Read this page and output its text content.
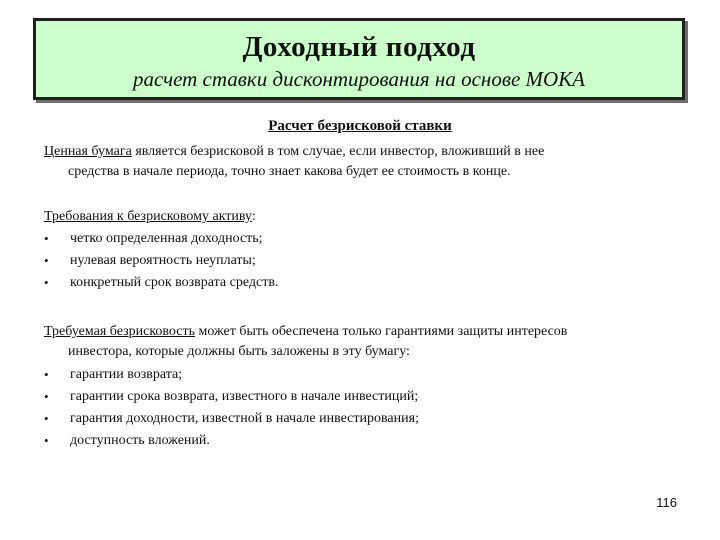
Доходный подход
расчет ставки дисконтирования на основе МОКА
Расчет безрисковой ставки
Ценная бумага является безрисковой в том случае, если инвестор, вложивший в нее
средства в начале периода, точно знает какова будет ее стоимость в конце.
Требования к безрисковому активу:
• четко определенная доходность;
• нулевая вероятность неуплаты;
• конкретный срок возврата средств.
Требуемая безрисковость может быть обеспечена только гарантиями защиты интересов
инвестора, которые должны быть заложены в эту бумагу:
• гарантии возврата;
• гарантии срока возврата, известного в начале инвестиций;
• гарантия доходности, известной в начале инвестирования;
• доступность вложений.
116
